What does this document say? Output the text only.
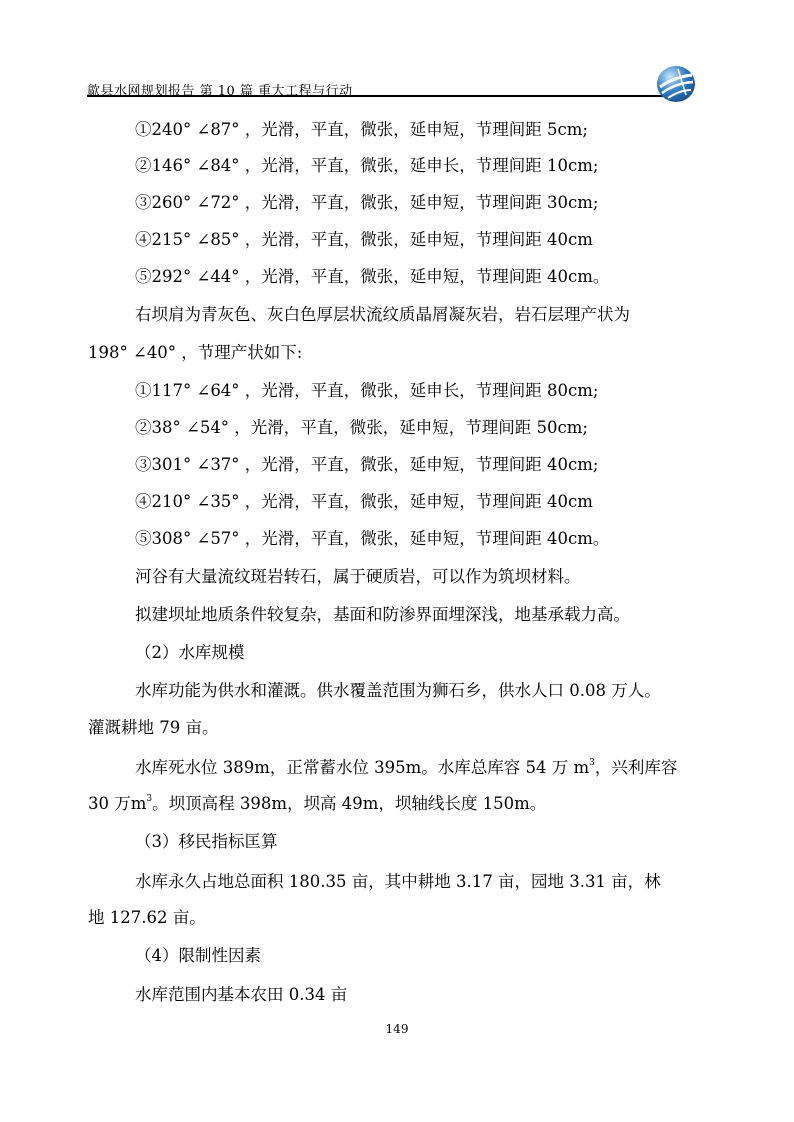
歙县水网规划报告 第 10 篇 重大工程与行动
①240° ∠87° ，光滑，平直，微张，延申短，节理间距 5cm;
②146° ∠84° ，光滑，平直，微张，延申长，节理间距 10cm;
③260° ∠72° ，光滑，平直，微张，延申短，节理间距 30cm;
④215° ∠85° ，光滑，平直，微张，延申短，节理间距 40cm
⑤292° ∠44° ，光滑，平直，微张，延申短，节理间距 40cm。
右坝肩为青灰色、灰白色厚层状流纹质晶屑凝灰岩，岩石层理产状为
198° ∠40° ，节理产状如下:
①117° ∠64° ，光滑，平直，微张，延申长，节理间距 80cm;
②38° ∠54° ，光滑，平直，微张，延申短，节理间距 50cm;
③301° ∠37° ，光滑，平直，微张，延申短，节理间距 40cm;
④210° ∠35° ，光滑，平直，微张，延申短，节理间距 40cm
⑤308° ∠57° ，光滑，平直，微张，延申短，节理间距 40cm。
河谷有大量流纹斑岩转石，属于硬质岩，可以作为筑坝材料。
拟建坝址地质条件较复杂，基面和防渗界面埋深浅，地基承载力高。
（2）水库规模
水库功能为供水和灌溉。供水覆盖范围为狮石乡，供水人口 0.08 万人。
灌溉耕地 79 亩。
水库死水位 389m，正常蓄水位 395m。水库总库容 54 万 $m^3$，兴利库容
30 万$m^3$。坝顶高程 398m，坝高 49m，坝轴线长度 150m。
（3）移民指标匡算
水库永久占地总面积 180.35 亩，其中耕地 3.17 亩，园地 3.31 亩，林
地 127.62 亩。
（4）限制性因素
水库范围内基本农田 0.34 亩
149
